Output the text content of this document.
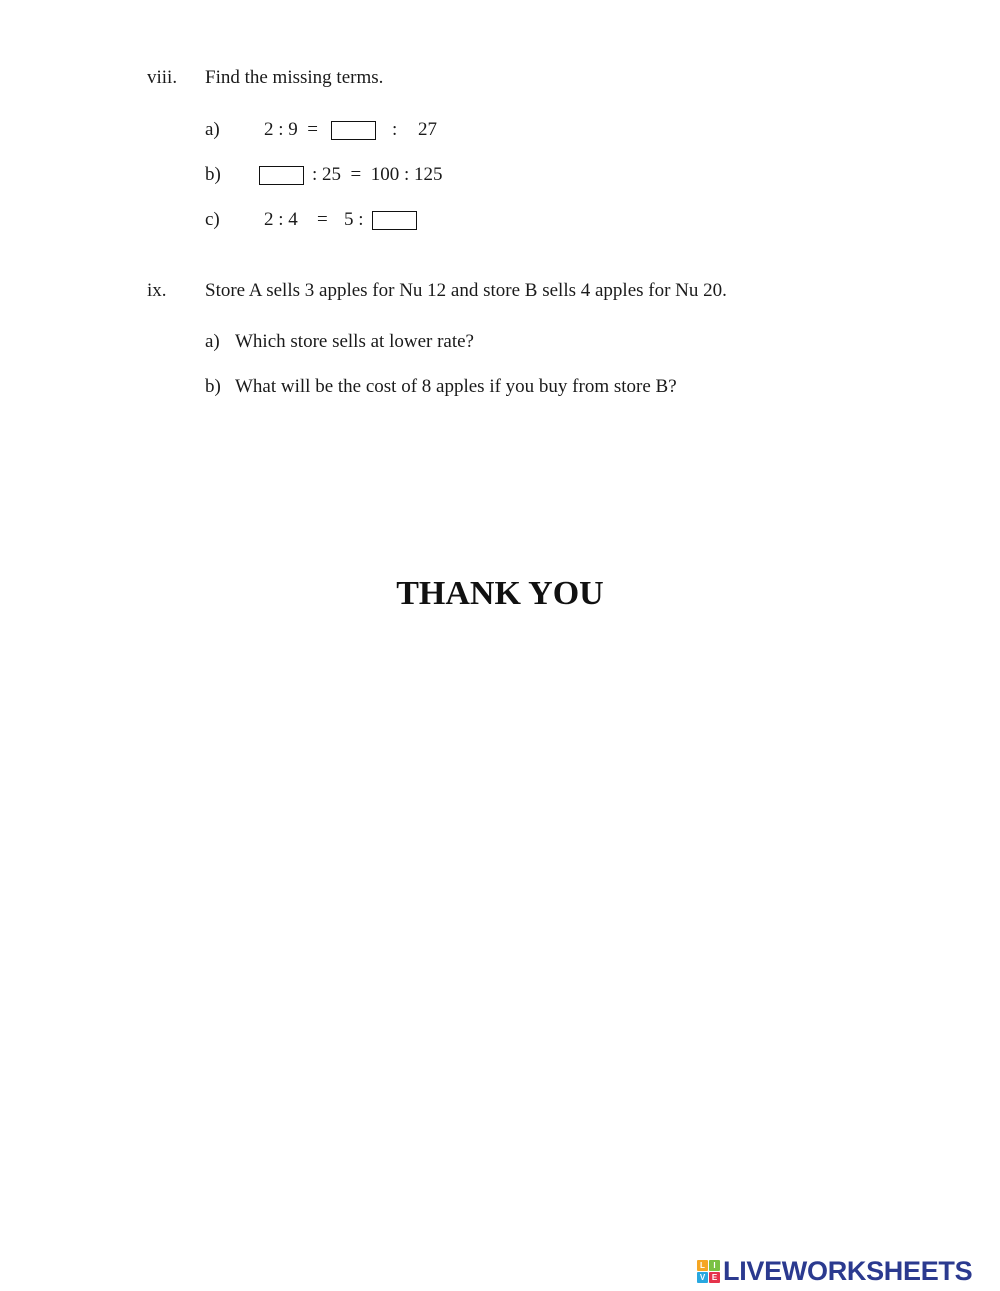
viii. Find the missing terms.
a) 2 : 9  =	: 27
b)	: 25  =  100 : 125
c) 2 : 4 = 5 :
ix. Store A sells 3 apples for Nu 12 and store B sells 4 apples for Nu 20.
a) Which store sells at lower rate?
b) What will be the cost of 8 apples if you buy from store B?
THANK YOU
L	I
V E LIVEWORKSHEETS
